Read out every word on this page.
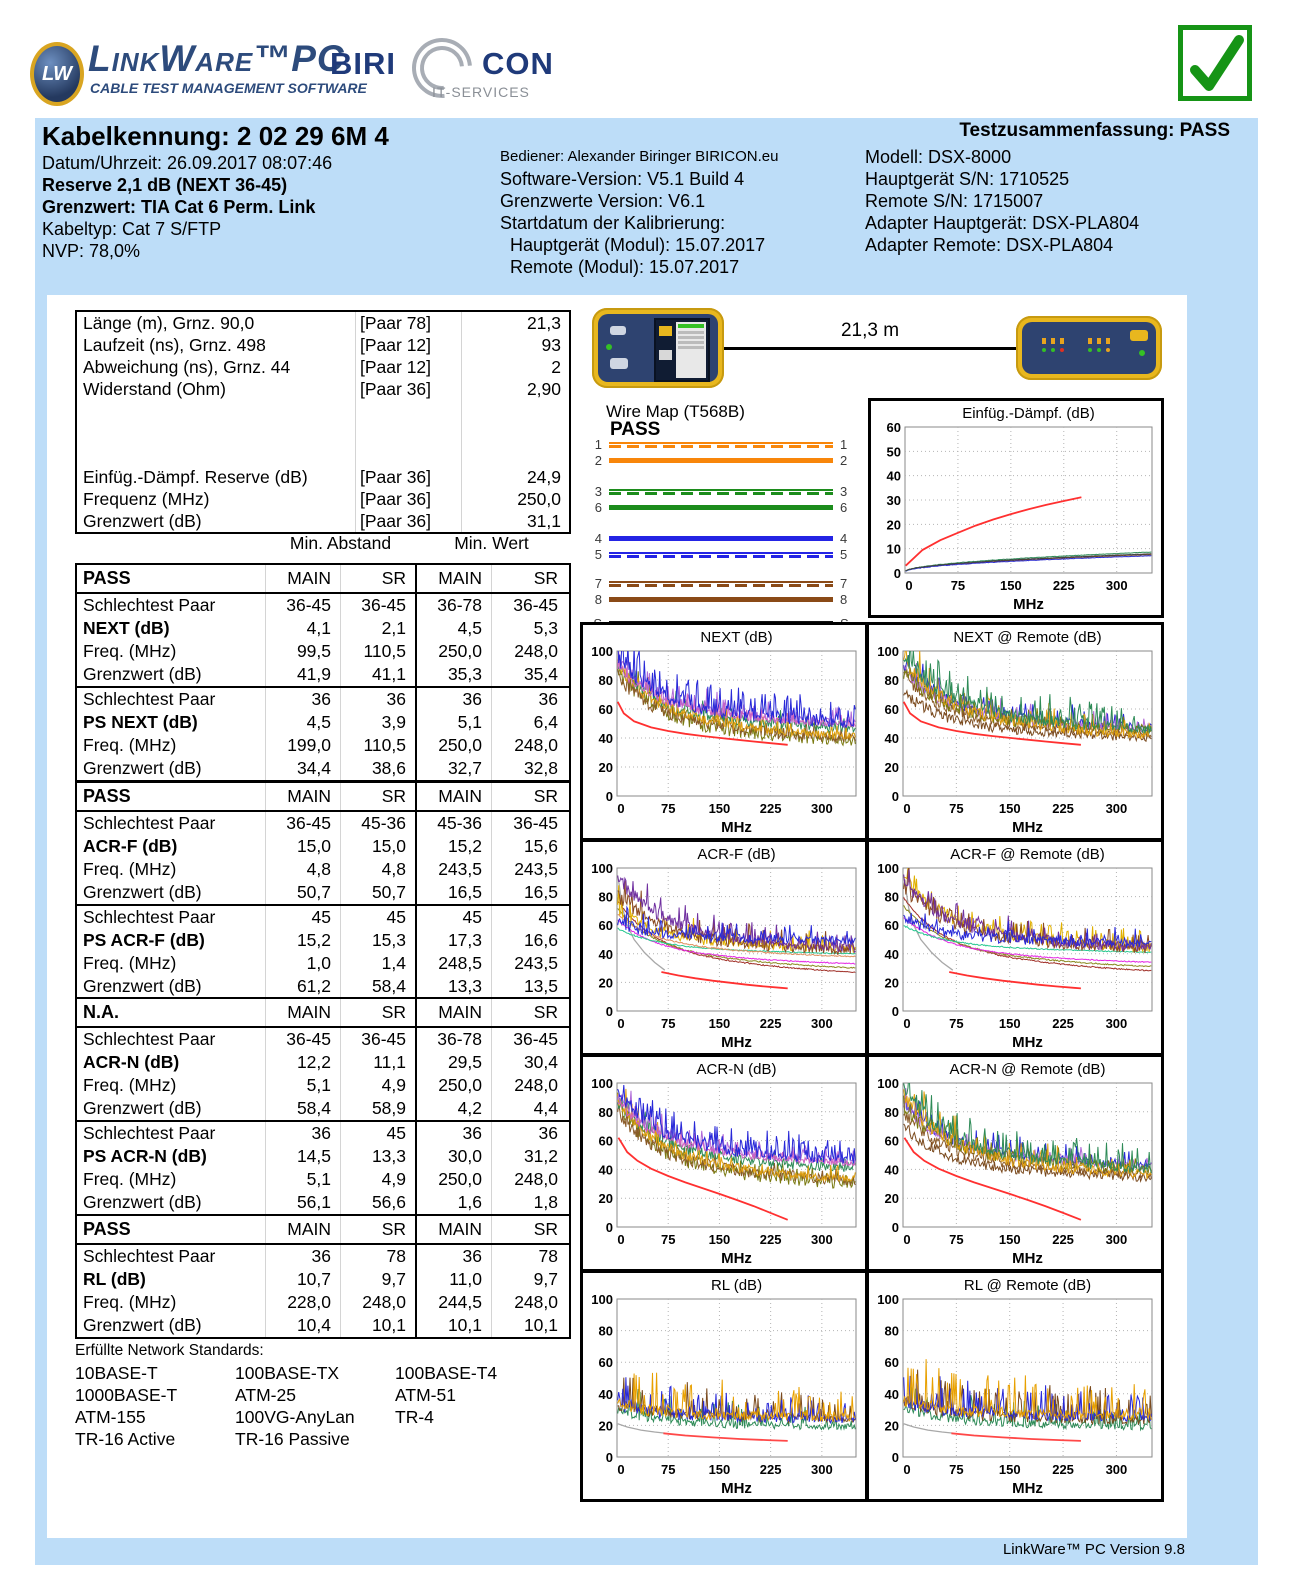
LW LinkWare™PC
CABLE TEST MANAGEMENT SOFTWARE
BIRI	CON
IT-SERVICES
Kabelkennung: 2 02 29 6M 4
Datum/Uhrzeit: 26.09.2017 08:07:46
Reserve 2,1 dB (NEXT 36-45)
Grenzwert: TIA Cat 6 Perm. Link
Kabeltyp: Cat 7 S/FTP
NVP: 78,0%
Bediener: Alexander Biringer BIRICON.eu
Software-Version: V5.1 Build 4
Grenzwerte Version: V6.1
Startdatum der Kalibrierung:
Hauptgerät (Modul): 15.07.2017
Remote (Modul): 15.07.2017
Testzusammenfassung: PASS
Modell: DSX-8000
Hauptgerät S/N: 1710525
Remote S/N: 1715007
Adapter Hauptgerät: DSX-PLA804
Adapter Remote: DSX-PLA804
Länge (m), Grnz. 90,0	[Paar 78]	21,3
Laufzeit (ns), Grnz. 498	[Paar 12]	93
Abweichung (ns), Grnz. 44	[Paar 12]	2
Widerstand (Ohm)	[Paar 36]	2,90
Einfüg.-Dämpf. Reserve (dB)	[Paar 36]	24,9
Frequenz (MHz)	[Paar 36]	250,0
Grenzwert (dB)	[Paar 36]	31,1
Min. Abstand	Min. Wert
PASS	MAIN	SR	MAIN	SR
Schlechtest Paar	36-45	36-45	36-78	36-45
NEXT (dB)	4,1	2,1	4,5	5,3
Freq. (MHz)	99,5	110,5	250,0	248,0
Grenzwert (dB)	41,9	41,1	35,3	35,4
Schlechtest Paar	36	36	36	36
PS NEXT (dB)	4,5	3,9	5,1	6,4
Freq. (MHz)	199,0	110,5	250,0	248,0
Grenzwert (dB)	34,4	38,6	32,7	32,8
PASS	MAIN	SR	MAIN	SR
Schlechtest Paar	36-45	45-36	45-36	36-45
ACR-F (dB)	15,0	15,0	15,2	15,6
Freq. (MHz)	4,8	4,8	243,5	243,5
Grenzwert (dB)	50,7	50,7	16,5	16,5
Schlechtest Paar	45	45	45	45
PS ACR-F (dB)	15,2	15,3	17,3	16,6
Freq. (MHz)	1,0	1,4	248,5	243,5
Grenzwert (dB)	61,2	58,4	13,3	13,5
N.A.	MAIN	SR	MAIN	SR
Schlechtest Paar	36-45	36-45	36-78	36-45
ACR-N (dB)	12,2	11,1	29,5	30,4
Freq. (MHz)	5,1	4,9	250,0	248,0
Grenzwert (dB)	58,4	58,9	4,2	4,4
Schlechtest Paar	36	45	36	36
PS ACR-N (dB)	14,5	13,3	30,0	31,2
Freq. (MHz)	5,1	4,9	250,0	248,0
Grenzwert (dB)	56,1	56,6	1,6	1,8
PASS	MAIN	SR	MAIN	SR
Schlechtest Paar	36	78	36	78
RL (dB)	10,7	9,7	11,0	9,7
Freq. (MHz)	228,0	248,0	244,5	248,0
Grenzwert (dB)	10,4	10,1	10,1	10,1
Erfüllte Network Standards:
10BASE-T
1000BASE-T
ATM-155
TR-16 Active
100BASE-TX
ATM-25
100VG-AnyLan
TR-16 Passive
100BASE-T4
ATM-51
TR-4
21,3 m
Wire Map (T568B)
PASS
1	1
2	2
3	3
6	6
4	4
5	5
7	7
8	8
Einfüg.-Dämpf. (dB)
0
10
20
30
40
50
60
0	75	150 225 300
MHz
NEXT (dB)
0
20
40
60
80
100
0	75	150 225 300
MHz
NEXT @ Remote (dB)
0
20
40
60
80
100
0	75	150 225 300
MHz
ACR-F (dB)
0
20
40
60
80
100
0	75	150 225 300
MHz
ACR-F @ Remote (dB)
0
20
40
60
80
100
0	75	150 225 300
MHz
ACR-N (dB)
0
20
40
60
80
100
0	75	150 225 300
MHz
ACR-N @ Remote (dB)
0
20
40
60
80
100
0	75	150 225 300
MHz
RL (dB)
0
20
40
60
80
100
0	75	150 225 300
MHz
RL @ Remote (dB)
0
20
40
60
80
100
0	75	150 225 300
MHz
LinkWare™ PC Version 9.8
